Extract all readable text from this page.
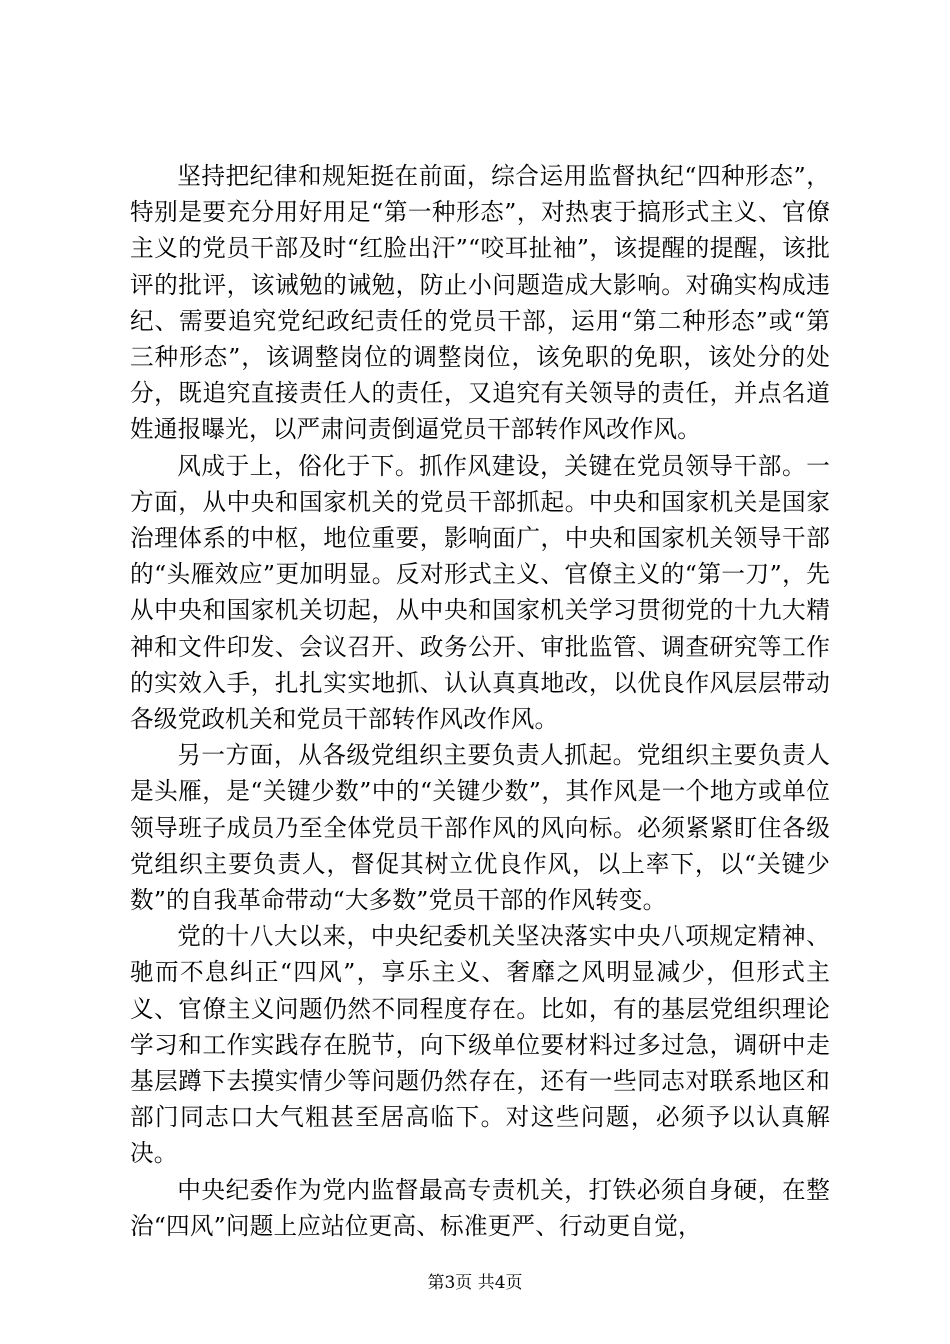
坚持把纪律和规矩挺在前面，综合运用监督执纪“四种形态”，特别是要充分用好用足“第一种形态”，对热衷于搞形式主义、官僚主义的党员干部及时“红脸出汗”“咬耳扯袖”，该提醒的提醒，该批评的批评，该诫勉的诫勉，防止小问题造成大影响。对确实构成违纪、需要追究党纪政纪责任的党员干部，运用“第二种形态”或“第三种形态”，该调整岗位的调整岗位，该免职的免职，该处分的处分，既追究直接责任人的责任，又追究有关领导的责任，并点名道姓通报曝光，以严肃问责倒逼党员干部转作风改作风。

风成于上，俗化于下。抓作风建设，关键在党员领导干部。一方面，从中央和国家机关的党员干部抓起。中央和国家机关是国家治理体系的中枢，地位重要，影响面广，中央和国家机关领导干部的“头雁效应”更加明显。反对形式主义、官僚主义的“第一刀”，先从中央和国家机关切起，从中央和国家机关学习贯彻党的十九大精神和文件印发、会议召开、政务公开、审批监管、调查研究等工作的实效入手，扎扎实实地抓、认认真真地改，以优良作风层层带动各级党政机关和党员干部转作风改作风。

另一方面，从各级党组织主要负责人抓起。党组织主要负责人是头雁，是“关键少数”中的“关键少数”，其作风是一个地方或单位领导班子成员乃至全体党员干部作风的风向标。必须紧紧盯住各级党组织主要负责人，督促其树立优良作风，以上率下，以“关键少数”的自我革命带动“大多数”党员干部的作风转变。

党的十八大以来，中央纪委机关坚决落实中央八项规定精神、驰而不息纠正“四风”，享乐主义、奢靡之风明显减少，但形式主义、官僚主义问题仍然不同程度存在。比如，有的基层党组织理论学习和工作实践存在脱节，向下级单位要材料过多过急，调研中走基层蹲下去摸实情少等问题仍然存在，还有一些同志对联系地区和部门同志口大气粗甚至居高临下。对这些问题，必须予以认真解决。

中央纪委作为党内监督最高专责机关，打铁必须自身硬，在整治“四风”问题上应站位更高、标准更严、行动更自觉，

第3页 共4页
